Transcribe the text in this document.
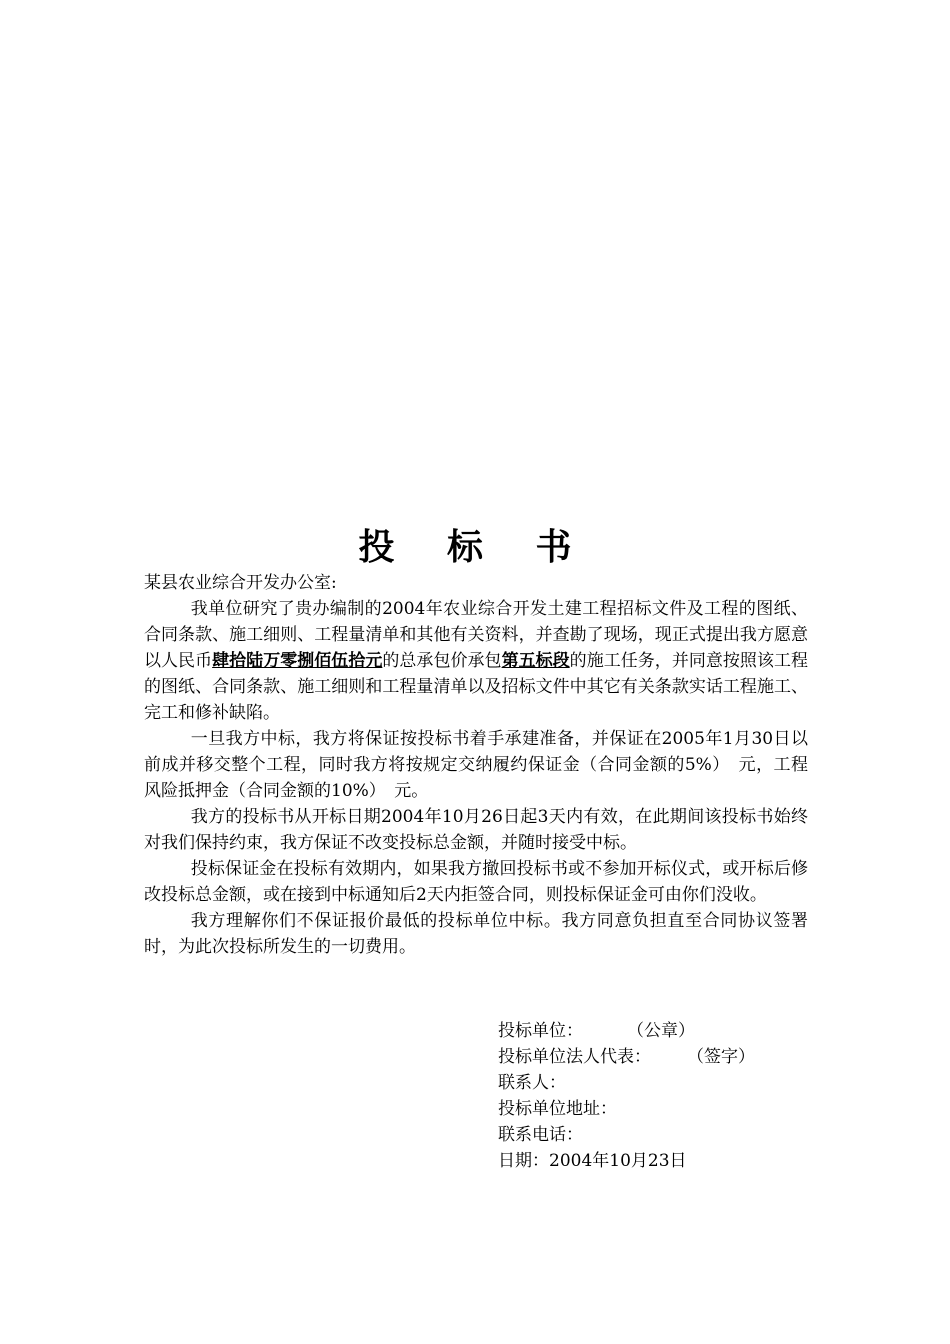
投 标 书

某县农业综合开发办公室:

我单位研究了贵办编制的2004年农业综合开发土建工程招标文件及工程的图纸、合同条款、施工细则、工程量清单和其他有关资料，并查勘了现场，现正式提出我方愿意以人民币肆拾陆万零捌佰伍拾元的总承包价承包第五标段的施工任务，并同意按照该工程的图纸、合同条款、施工细则和工程量清单以及招标文件中其它有关条款实话工程施工、完工和修补缺陷。

一旦我方中标，我方将保证按投标书着手承建准备，并保证在2005年1月30日以前成并移交整个工程，同时我方将按规定交纳履约保证金（合同金额的5%）　元，工程风险抵押金（合同金额的10%）　元。

我方的投标书从开标日期2004年10月26日起3天内有效，在此期间该投标书始终对我们保持约束，我方保证不改变投标总金额，并随时接受中标。

投标保证金在投标有效期内，如果我方撤回投标书或不参加开标仪式，或开标后修改投标总金额，或在接到中标通知后2天内拒签合同，则投标保证金可由你们没收。

我方理解你们不保证报价最低的投标单位中标。我方同意负担直至合同协议签署时，为此次投标所发生的一切费用。

投标单位：	（公章）
投标单位法人代表： （签字）
联系人：
投标单位地址：
联系电话：
日期：2004年10月23日
